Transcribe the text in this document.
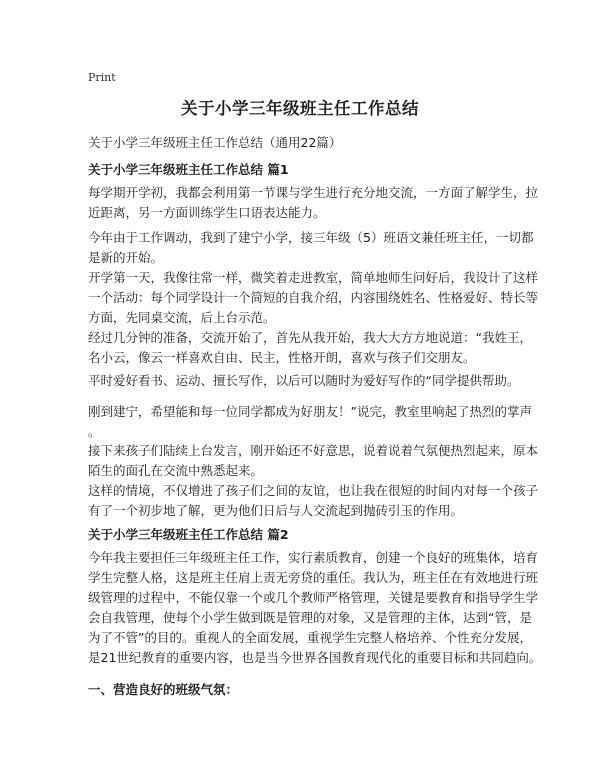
Print
关于小学三年级班主任工作总结
关于小学三年级班主任工作总结（通用22篇）
关于小学三年级班主任工作总结 篇1
每学期开学初，我都会利用第一节课与学生进行充分地交流，一方面了解学生，拉
近距离，另一方面训练学生口语表达能力。
今年由于工作调动，我到了建宁小学，接三年级（5）班语文兼任班主任，一切都
是新的开始。
开学第一天，我像往常一样，微笑着走进教室，简单地师生问好后，我设计了这样
一个活动：每个同学设计一个简短的自我介绍，内容围绕姓名、性格爱好、特长等
方面，先同桌交流，后上台示范。
经过几分钟的准备，交流开始了，首先从我开始，我大大方方地说道：“我姓王，
名小云，像云一样喜欢自由、民主，性格开朗，喜欢与孩子们交朋友。
平时爱好看书、运动、擅长写作，以后可以随时为爱好写作的“同学提供帮助。
刚到建宁，希望能和每一位同学都成为好朋友！”说完，教室里响起了热烈的掌声
。
接下来孩子们陆续上台发言，刚开始还不好意思，说着说着气氛便热烈起来，原本
陌生的面孔在交流中熟悉起来。
这样的情境，不仅增进了孩子们之间的友谊，也让我在很短的时间内对每一个孩子
有了一个初步地了解，更为他们日后与人交流起到抛砖引玉的作用。
关于小学三年级班主任工作总结 篇2
今年我主要担任三年级班主任工作，实行素质教育，创建一个良好的班集体，培育
学生完整人格，这是班主任肩上责无旁贷的重任。我认为，班主任在有效地进行班
级管理的过程中，不能仅靠一个或几个教师严格管理，关键是要教育和指导学生学
会自我管理，使每个小学生做到既是管理的对象，又是管理的主体，达到“管，是
为了不管”的目的。重视人的全面发展，重视学生完整人格培养、个性充分发展，
是21世纪教育的重要内容，也是当今世界各国教育现代化的重要目标和共同趋向。
一、营造良好的班级气氛：
